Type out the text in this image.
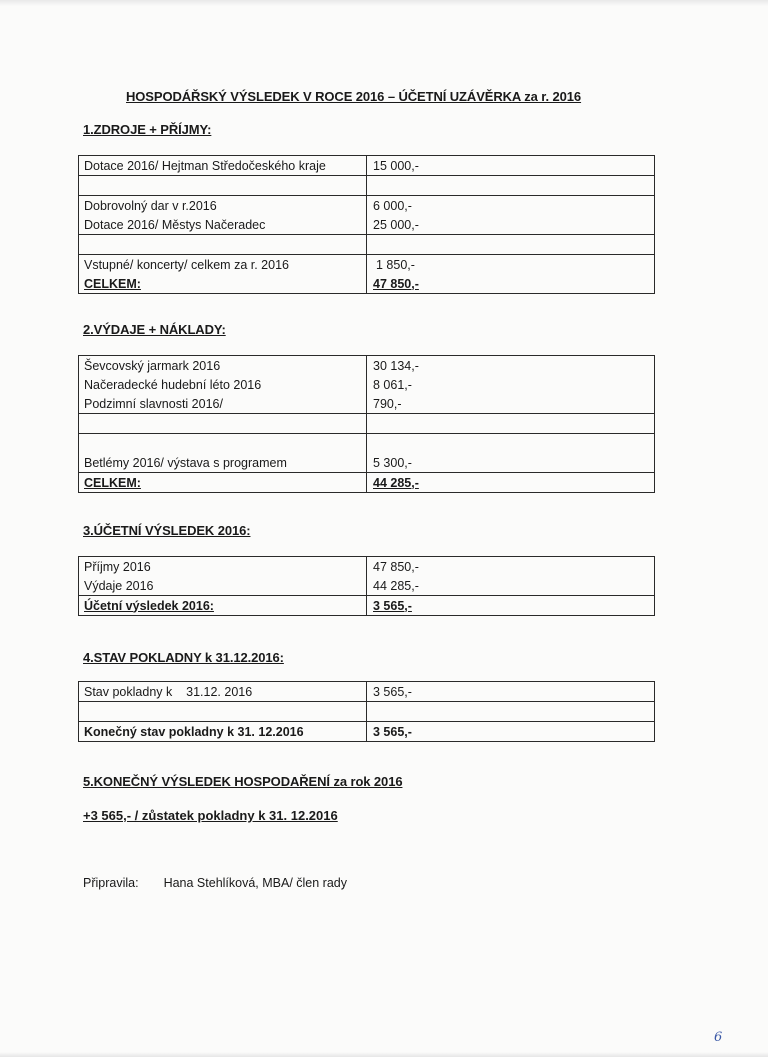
HOSPODÁŘSKÝ VÝSLEDEK V ROCE 2016 – ÚČETNÍ UZÁVĚRKA za r. 2016
1.ZDROJE + PŘÍJMY:
Dotace 2016/ Hejtman Středočeského kraje	15 000,-

Dobrovolný dar v r.2016	6 000,-
Dotace 2016/ Městys Načeradec	25 000,-

Vstupné/ koncerty/ celkem za r. 2016	1 850,-
CELKEM:	47 850,-
2.VÝDAJE + NÁKLADY:
Ševcovský jarmark 2016	30 134,-
Načeradecké hudební léto 2016	8 061,-
Podzimní slavnosti 2016/	790,-

Betlémy 2016/ výstava s programem	5 300,-
CELKEM:	44 285,-
3.ÚČETNÍ VÝSLEDEK 2016:
Příjmy 2016	47 850,-
Výdaje 2016	44 285,-
Účetní výsledek 2016:	3 565,-
4.STAV POKLADNY k 31.12.2016:
Stav pokladny k    31.12. 2016	3 565,-

Konečný stav pokladny k 31. 12.2016	3 565,-
5.KONEČNÝ VÝSLEDEK HOSPODAŘENÍ za rok 2016
+3 565,- / zůstatek pokladny k 31. 12.2016
Připravila: Hana Stehlíková, MBA/ člen rady
6
